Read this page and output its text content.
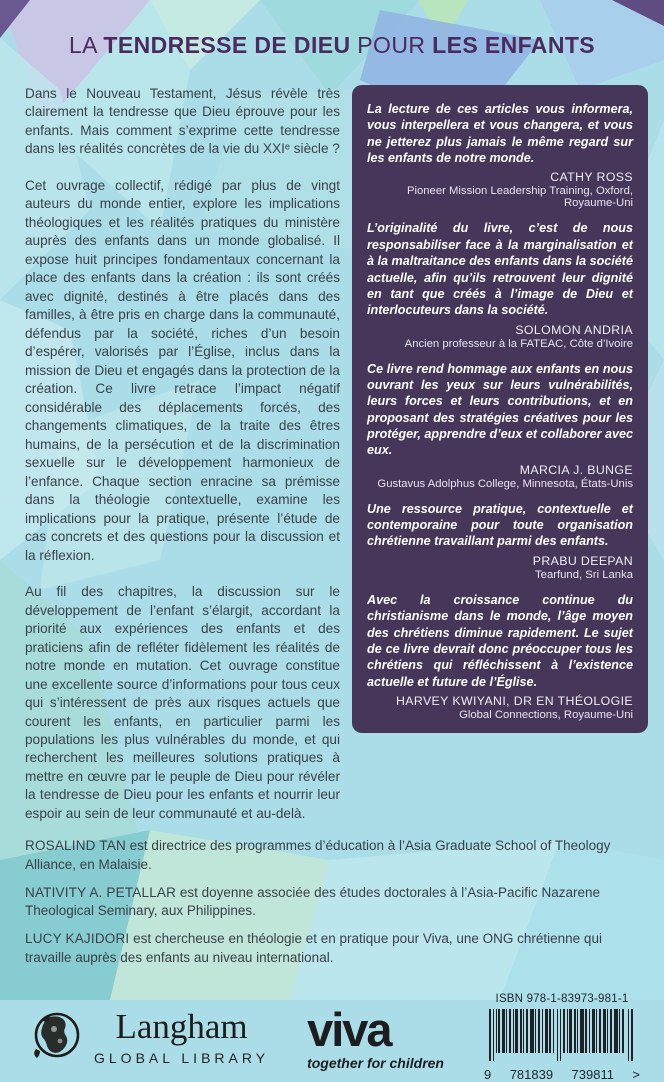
LA TENDRESSE DE DIEU POUR LES ENFANTS

Dans le Nouveau Testament, Jésus révèle très clairement la tendresse que Dieu éprouve pour les enfants. Mais comment s’exprime cette tendresse dans les réalités concrètes de la vie du XXIᵉ siècle ?

Cet ouvrage collectif, rédigé par plus de vingt auteurs du monde entier, explore les implications théologiques et les réalités pratiques du ministère auprès des enfants dans un monde globalisé. Il expose huit principes fondamentaux concernant la place des enfants dans la création : ils sont créés avec dignité, destinés à être placés dans des familles, à être pris en charge dans la communauté, défendus par la société, riches d’un besoin d’espérer, valorisés par l’Église, inclus dans la mission de Dieu et engagés dans la protection de la création. Ce livre retrace l’impact négatif considérable des déplacements forcés, des changements climatiques, de la traite des êtres humains, de la persécution et de la discrimination sexuelle sur le développement harmonieux de l’enfance. Chaque section enracine sa prémisse dans la théologie contextuelle, examine les implications pour la pratique, présente l’étude de cas concrets et des questions pour la discussion et la réflexion.

Au fil des chapitres, la discussion sur le développement de l’enfant s’élargit, accordant la priorité aux expériences des enfants et des praticiens afin de refléter fidèlement les réalités de notre monde en mutation. Cet ouvrage constitue une excellente source d’informations pour tous ceux qui s’intéressent de près aux risques actuels que courent les enfants, en particulier parmi les populations les plus vulnérables du monde, et qui recherchent les meilleures solutions pratiques à mettre en œuvre par le peuple de Dieu pour révéler la tendresse de Dieu pour les enfants et nourrir leur espoir au sein de leur communauté et au-delà.

La lecture de ces articles vous informera, vous interpellera et vous changera, et vous ne jetterez plus jamais le même regard sur les enfants de notre monde.

CATHY ROSS
Pioneer Mission Leadership Training, Oxford, Royaume-Uni

L’originalité du livre, c’est de nous responsabiliser face à la marginalisation et à la maltraitance des enfants dans la société actuelle, afin qu’ils retrouvent leur dignité en tant que créés à l’image de Dieu et interlocuteurs dans la société.

SOLOMON ANDRIA
Ancien professeur à la FATEAC, Côte d’Ivoire

Ce livre rend hommage aux enfants en nous ouvrant les yeux sur leurs vulnérabilités, leurs forces et leurs contributions, et en proposant des stratégies créatives pour les protéger, apprendre d’eux et collaborer avec eux.

MARCIA J. BUNGE
Gustavus Adolphus College, Minnesota, États-Unis

Une ressource pratique, contextuelle et contemporaine pour toute organisation chrétienne travaillant parmi des enfants.

PRABU DEEPAN
Tearfund, Sri Lanka

Avec la croissance continue du christianisme dans le monde, l’âge moyen des chrétiens diminue rapidement. Le sujet de ce livre devrait donc préoccuper tous les chrétiens qui réfléchissent à l’existence actuelle et future de l’Église.

HARVEY KWIYANI, DR EN THÉOLOGIE
Global Connections, Royaume-Uni

ROSALIND TAN est directrice des programmes d’éducation à l’Asia Graduate School of Theology Alliance, en Malaisie.

NATIVITY A. PETALLAR est doyenne associée des études doctorales à l’Asia-Pacific Nazarene Theological Seminary, aux Philippines.

LUCY KAJIDORI est chercheuse en théologie et en pratique pour Viva, une ONG chrétienne qui travaille auprès des enfants au niveau international.

Langham
GLOBAL LIBRARY
viva
together for children
ISBN 978-1-83973-981-1
9 781839 739811 >
